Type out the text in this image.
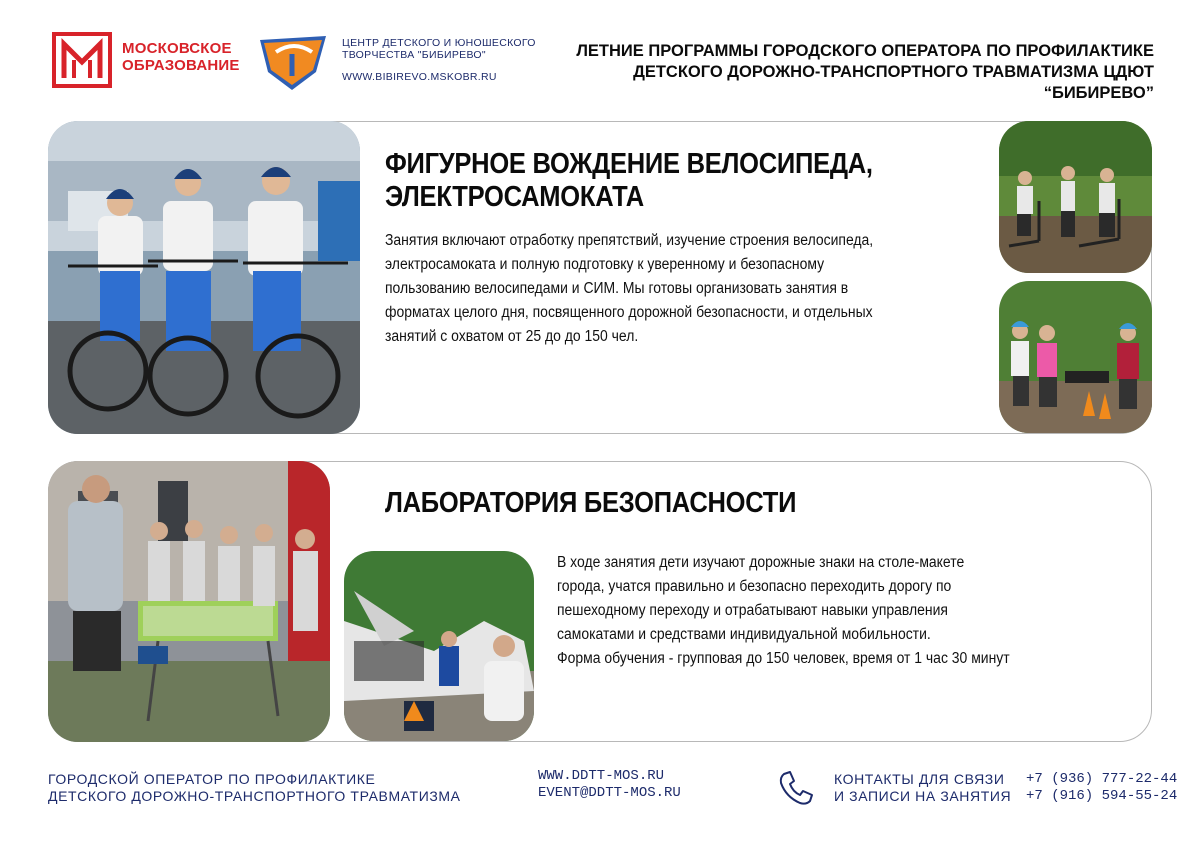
МОСКОВСКОЕ
ОБРАЗОВАНИЕ
ЦЕНТР ДЕТСКОГО И ЮНОШЕСКОГО
ТВОРЧЕСТВА "БИБИРЕВО"
WWW.BIBIREVO.MSKOBR.RU
ЛЕТНИЕ ПРОГРАММЫ ГОРОДСКОГО ОПЕРАТОРА ПО ПРОФИЛАКТИКЕ
ДЕТСКОГО ДОРОЖНО-ТРАНСПОРТНОГО ТРАВМАТИЗМА ЦДЮТ “БИБИРЕВО”
ФИГУРНОЕ ВОЖДЕНИЕ ВЕЛОСИПЕДА,
ЭЛЕКТРОСАМОКАТА

Занятия включают отработку препятствий, изучение строения велосипеда,

электросамоката и полную подготовку к уверенному и безопасному

пользованию велосипедами и СИМ. Мы готовы организовать занятия в

форматах целого дня, посвященного дорожной безопасности, и отдельных

занятий с охватом от 25 до до 150 чел.

ЛАБОРАТОРИЯ БЕЗОПАСНОСТИ

В ходе занятия дети изучают дорожные знаки на столе-макете

города, учатся правильно и безопасно переходить дорогу по

пешеходному переходу и отрабатывают навыки управления

самокатами и средствами индивидуальной мобильности.

Форма обучения - групповая до 150 человек, время от 1 час 30 минут

ГОРОДСКОЙ ОПЕРАТОР ПО ПРОФИЛАКТИКЕ
ДЕТСКОГО ДОРОЖНО-ТРАНСПОРТНОГО ТРАВМАТИЗМА
WWW.DDTT-MOS.RU
EVENT@DDTT-MOS.RU
КОНТАКТЫ ДЛЯ СВЯЗИ
И ЗАПИСИ НА ЗАНЯТИЯ
+7 (936) 777-22-44
+7 (916) 594-55-24
